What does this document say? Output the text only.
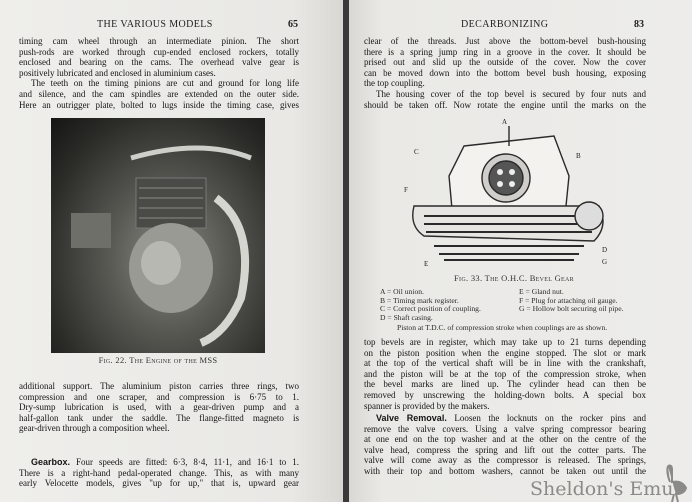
THE VARIOUS MODELS	65
timing cam wheel through an intermediate pinion. The short
push-rods are worked through cup-ended enclosed rockers, totally
enclosed and bearing on the cams. The overhead valve gear is
positively lubricated and enclosed in aluminium cases.
The teeth on the timing pinions are cut and ground for long life
and silence, and the cam spindles are extended on the outer side.
Here an outrigger plate, bolted to lugs inside the timing case, gives
Fig. 22. The Engine of the MSS
additional support. The aluminium piston carries three rings, two
compression and one scraper, and compression is 6·75 to 1.
Dry-sump lubrication is used, with a gear-driven pump and a
half-gallon tank under the saddle. The flange-fitted magneto is
gear-driven through a composition wheel.
Gearbox. Four speeds are fitted: 6·3, 8·4, 11·1, and 16·1 to 1.
There is a right-hand pedal-operated change. This, as with many
early Velocette models, gives "up for up," that is, upward gear
DECARBONIZING	83
clear of the threads. Just above the bottom-bevel bush-housing
there is a spring jump ring in a groove in the cover. It should be
prised out and slid up the outside of the cover. Now the cover
can be moved down into the bottom bevel bush housing, exposing
the top coupling.
The housing cover of the top bevel is secured by four nuts and
should be taken off. Now rotate the engine until the marks on the
A
B
C
D
E
F
G
Fig. 33. The O.H.C. Bevel Gear
A = Oil union.
B = Timing mark register.
C = Correct position of coupling.
D = Shaft casing.
E = Gland nut.
F = Plug for attaching oil gauge.
G = Hollow bolt securing oil pipe.
Piston at T.D.C. of compression stroke when couplings are as shown.
top bevels are in register, which may take up to 21 turns depending
on the piston position when the engine stopped. The slot or mark
at the top of the vertical shaft will be in line with the crankshaft,
and the piston will be at the top of the compression stroke, when
the bevel marks are lined up. The cylinder head can then be
removed by unscrewing the holding-down bolts. A special box
spanner is provided by the makers.
Valve Removal. Loosen the locknuts on the rocker pins and
remove the valve covers. Using a valve spring compressor bearing
at one end on the top washer and at the other on the centre of the
valve head, compress the spring and lift out the cotter parts. The
valve will come away as the compressor is released. The springs,
with their top and bottom washers, cannot be taken out until the
Sheldon's Emu
